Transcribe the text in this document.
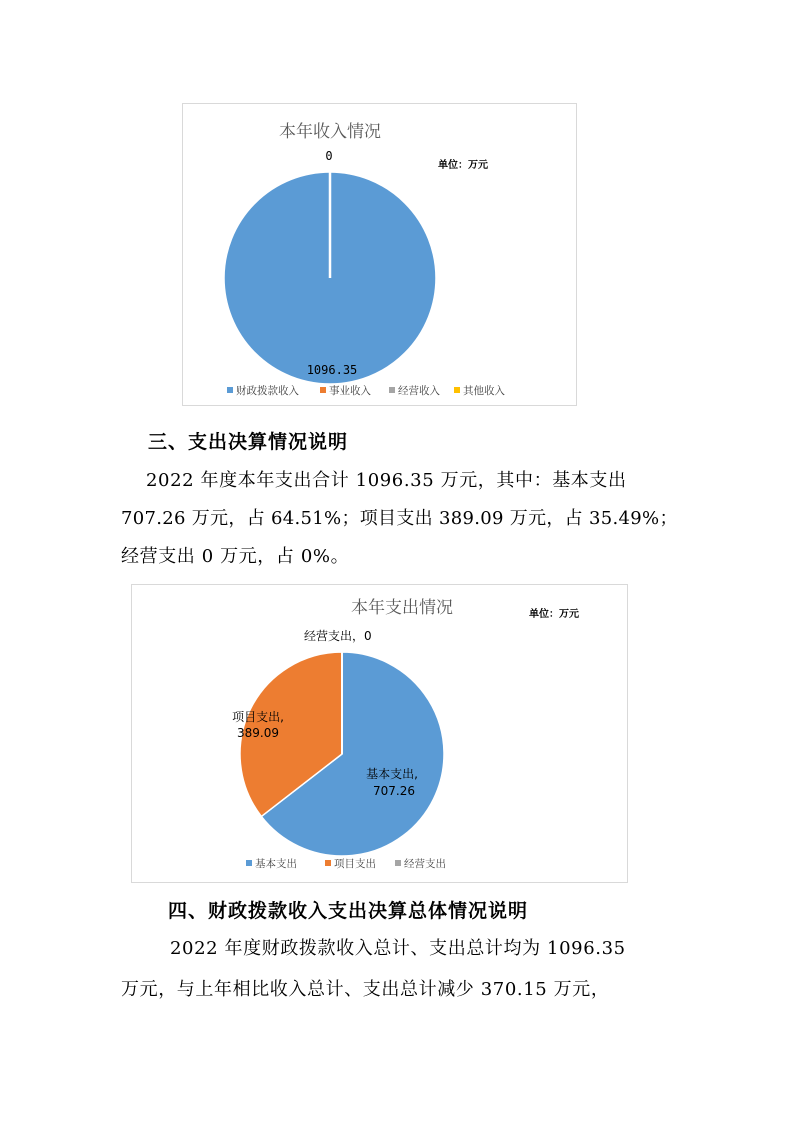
本年收入情况
单位：万元
0
1096.35
财政拨款收入	事业收入	经营收入 其他收入
三、支出决算情况说明

2022 年度本年支出合计 1096.35 万元，其中：基本支出

707.26 万元，占 64.51%；项目支出 389.09 万元，占 35.49%；

经营支出 0 万元，占 0%。

本年支出情况	单位：万元
经营支出，0
项目支出,
389.09
基本支出,
707.26
基本支出	项目支出	经营支出
四、财政拨款收入支出决算总体情况说明

2022 年度财政拨款收入总计、支出总计均为 1096.35

万元，与上年相比收入总计、支出总计减少 370.15 万元，
